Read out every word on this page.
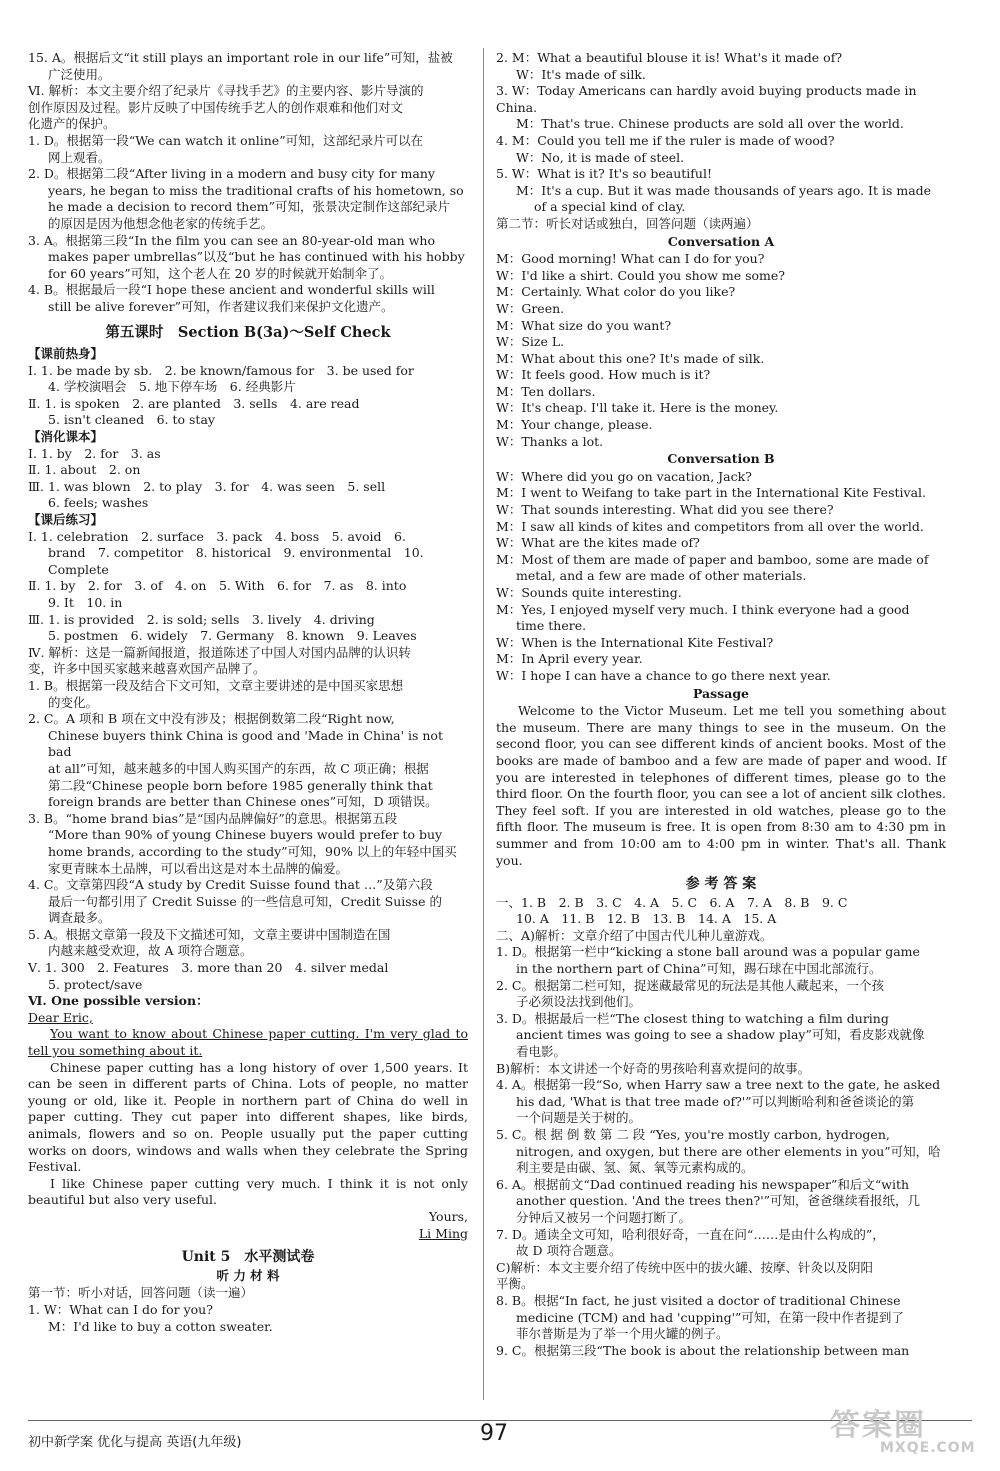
15. A。根据后文“it still plays an important role in our life”可知，盐被
广泛使用。
Ⅵ. 解析：本文主要介绍了纪录片《寻找手艺》的主要内容、影片导演的
创作原因及过程。影片反映了中国传统手艺人的创作艰难和他们对文
化遗产的保护。
1. D。根据第一段“We can watch it online”可知，这部纪录片可以在
网上观看。
2. D。根据第二段“After living in a modern and busy city for many
years, he began to miss the traditional crafts of his hometown, so
he made a decision to record them”可知，张景决定制作这部纪录片
的原因是因为他想念他老家的传统手艺。
3. A。根据第三段“In the film you can see an 80-year-old man who
makes paper umbrellas”以及“but he has continued with his hobby
for 60 years”可知，这个老人在 20 岁的时候就开始制伞了。
4. B。根据最后一段“I hope these ancient and wonderful skills will
still be alive forever”可知，作者建议我们来保护文化遗产。
第五课时　Section B(3a)～Self Check
【课前热身】
Ⅰ. 1. be made by sb.　2. be known/famous for　3. be used for
4. 学校演唱会　5. 地下停车场　6. 经典影片
Ⅱ. 1. is spoken　2. are planted　3. sells　4. are read
5. isn't cleaned　6. to stay
【消化课本】
Ⅰ. 1. by　2. for　3. as
Ⅱ. 1. about　2. on
Ⅲ. 1. was blown　2. to play　3. for　4. was seen　5. sell
6. feels; washes
【课后练习】
Ⅰ. 1. celebration　2. surface　3. pack　4. boss　5. avoid　6.
brand　7. competitor　8. historical　9. environmental　10.
Complete
Ⅱ. 1. by　2. for　3. of　4. on　5. With　6. for　7. as　8. into
9. It　10. in
Ⅲ. 1. is provided　2. is sold; sells　3. lively　4. driving
5. postmen　6. widely　7. Germany　8. known　9. Leaves
Ⅳ. 解析：这是一篇新闻报道，报道陈述了中国人对国内品牌的认识转
变，许多中国买家越来越喜欢国产品牌了。
1. B。根据第一段及结合下文可知，文章主要讲述的是中国买家思想
的变化。
2. C。A 项和 B 项在文中没有涉及；根据倒数第二段“Right now,
Chinese buyers think China is good and 'Made in China' is not bad
at all”可知，越来越多的中国人购买国产的东西，故 C 项正确；根据
第二段“Chinese people born before 1985 generally think that
foreign brands are better than Chinese ones”可知，D 项错误。
3. B。“home brand bias”是“国内品牌偏好”的意思。根据第五段
“More than 90% of young Chinese buyers would prefer to buy
home brands, according to the study”可知，90% 以上的年轻中国买
家更青睐本土品牌，可以看出这是对本土品牌的偏爱。
4. C。文章第四段“A study by Credit Suisse found that …”及第六段
最后一句都引用了 Credit Suisse 的一些信息可知，Credit Suisse 的
调查最多。
5. A。根据文章第一段及下文描述可知，文章主要讲中国制造在国
内越来越受欢迎，故 A 项符合题意。
Ⅴ. 1. 300　2. Features　3. more than 20　4. silver medal
5. protect/save
Ⅵ. One possible version：
Dear Eric,
You want to know about Chinese paper cutting. I'm very glad to tell you something about it.
Chinese paper cutting has a long history of over 1,500 years. It can be seen in different parts of China. Lots of people, no matter young or old, like it. People in northern part of China do well in paper cutting. They cut paper into different shapes, like birds, animals, flowers and so on. People usually put the paper cutting works on doors, windows and walls when they celebrate the Spring Festival.
I like Chinese paper cutting very much. I think it is not only beautiful but also very useful.
Yours,
Li Ming
Unit 5　水平测试卷
听 力 材 料
第一节：听小对话，回答问题（读一遍）
1. W：What can I do for you?
M：I'd like to buy a cotton sweater.
2. M：What a beautiful blouse it is! What's it made of?
W：It's made of silk.
3. W：Today Americans can hardly avoid buying products made in China.
M：That's true. Chinese products are sold all over the world.
4. M：Could you tell me if the ruler is made of wood?
W：No, it is made of steel.
5. W：What is it? It's so beautiful!
M：It's a cup. But it was made thousands of years ago. It is made
of a special kind of clay.
第二节：听长对话或独白，回答问题（读两遍）
Conversation A
M：Good morning! What can I do for you?
W：I'd like a shirt. Could you show me some?
M：Certainly. What color do you like?
W：Green.
M：What size do you want?
W：Size L.
M：What about this one? It's made of silk.
W：It feels good. How much is it?
M：Ten dollars.
W：It's cheap. I'll take it. Here is the money.
M：Your change, please.
W：Thanks a lot.
Conversation B
W：Where did you go on vacation, Jack?
M：I went to Weifang to take part in the International Kite Festival.
W：That sounds interesting. What did you see there?
M：I saw all kinds of kites and competitors from all over the world.
W：What are the kites made of?
M：Most of them are made of paper and bamboo, some are made of
metal, and a few are made of other materials.
W：Sounds quite interesting.
M：Yes, I enjoyed myself very much. I think everyone had a good
time there.
W：When is the International Kite Festival?
M：In April every year.
W：I hope I can have a chance to go there next year.
Passage
Welcome to the Victor Museum. Let me tell you something about the museum. There are many things to see in the museum. On the second floor, you can see different kinds of ancient books. Most of the books are made of bamboo and a few are made of paper and wood. If you are interested in telephones of different times, please go to the third floor. On the fourth floor, you can see a lot of ancient silk clothes. They feel soft. If you are interested in old watches, please go to the fifth floor. The museum is free. It is open from 8:30 am to 4:30 pm in summer and from 10:00 am to 4:00 pm in winter. That's all. Thank you.
参 考 答 案
一、1. B　2. B　3. C　4. A　5. C　6. A　7. A　8. B　9. C
10. A　11. B　12. B　13. B　14. A　15. A
二、A)解析：文章介绍了中国古代儿种儿童游戏。
1. D。根据第一栏中“kicking a stone ball around was a popular game
in the northern part of China”可知，踢石球在中国北部流行。
2. C。根据第二栏可知，捉迷藏最常见的玩法是其他人藏起来，一个孩
子必须设法找到他们。
3. D。根据最后一栏“The closest thing to watching a film during
ancient times was going to see a shadow play”可知，看皮影戏就像
看电影。
B)解析：本文讲述一个好奇的男孩哈利喜欢提问的故事。
4. A。根据第一段“So, when Harry saw a tree next to the gate, he asked
his dad, 'What is that tree made of?'”可以判断哈利和爸爸谈论的第
一个问题是关于树的。
5. C。根 据 倒 数 第 二 段 “Yes, you're mostly carbon, hydrogen,
nitrogen, and oxygen, but there are other elements in you”可知，哈
利主要是由碳、氢、氮、氧等元素构成的。
6. A。根据前文“Dad continued reading his newspaper”和后文“with
another question. 'And the trees then?'”可知，爸爸继续看报纸，几
分钟后又被另一个问题打断了。
7. D。通读全文可知，哈利很好奇，一直在问“……是由什么构成的”，
故 D 项符合题意。
C)解析：本文主要介绍了传统中医中的拔火罐、按摩、针灸以及阴阳
平衡。
8. B。根据“In fact, he just visited a doctor of traditional Chinese
medicine (TCM) and had 'cupping'”可知，在第一段中作者提到了
菲尔普斯是为了举一个用火罐的例子。
9. C。根据第三段“The book is about the relationship between man
初中新学案 优化与提高 英语(九年级)	97	答案圈
MXQE.COM
